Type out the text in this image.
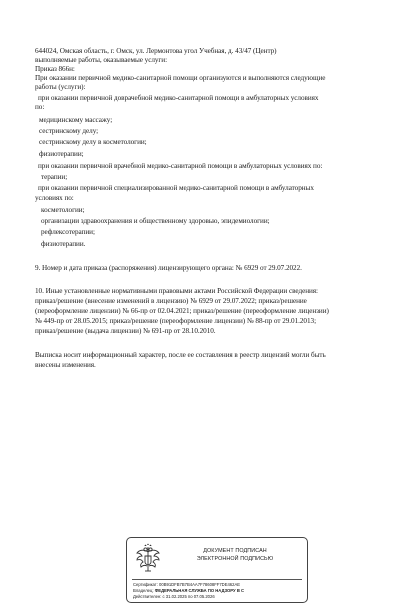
644024, Омская область, г. Омск, ул. Лермонтова угол Учебная, д. 43/47 (Центр)
выполняемые работы, оказываемые услуги:
Приказ 866н:
При оказании первичной медико-санитарной помощи организуются и выполняются следующие
работы (услуги):
при оказании первичной доврачебной медико-санитарной помощи в амбулаторных условиях
по:
медицинскому массажу;
сестринскому делу;
сестринскому делу в косметологии;
физиотерапии;
при оказании первичной врачебной медико-санитарной помощи в амбулаторных условиях по:
терапии;
при оказании первичной специализированной медико-санитарной помощи в амбулаторных
условиях по:
косметологии;
организации здравоохранения и общественному здоровью, эпидемиологии;
рефлексотерапии;
физиотерапии.
9. Номер и дата приказа (распоряжения) лицензирующего органа: № 6929 от 29.07.2022.
10. Иные установленные нормативными правовыми актами Российской Федерации сведения:
приказ/решение (внесение изменений в лицензию) № 6929 от 29.07.2022; приказ/решение
(переоформление лицензии) № 66-пр от 02.04.2021; приказ/решение (переоформление лицензии)
№ 449-пр от 28.05.2015; приказ/решение (переоформление лицензии) № 88-пр от 29.01.2013;
приказ/решение (выдача лицензии) № 691-пр от 28.10.2010.
Выписка носит информационный характер, после ее составления в реестр лицензий могли быть
внесены изменения.
ДОКУМЕНТ ПОДПИСАН
ЭЛЕКТРОННОЙ ПОДПИСЬЮ
Сертификат: 00B91DFB7B7B4AA7F78608FF7DE462AE
Владелец: ФЕДЕРАЛЬНАЯ СЛУЖБА ПО НАДЗОРУ В С
Действителен: с 31.02.2025 по 07.05.2026
